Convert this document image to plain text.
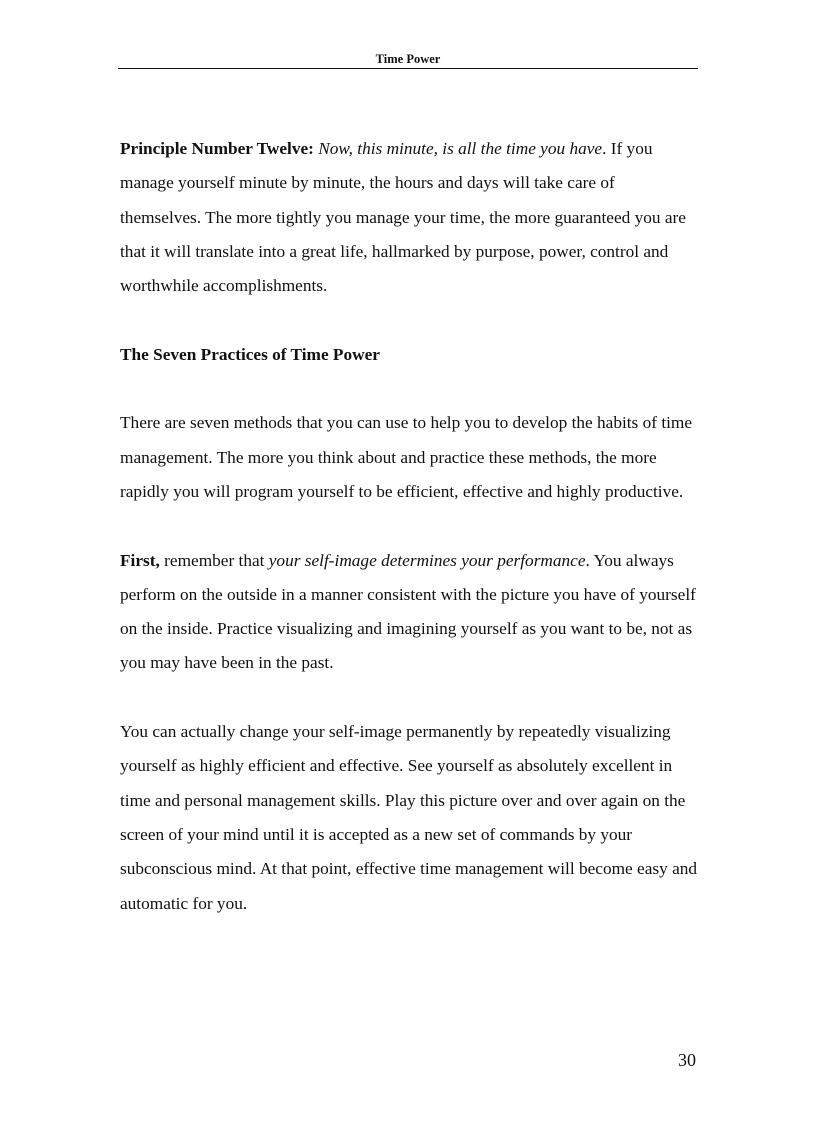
Time Power

Principle Number Twelve: Now, this minute, is all the time you have. If you manage yourself minute by minute, the hours and days will take care of themselves. The more tightly you manage your time, the more guaranteed you are that it will translate into a great life, hallmarked by purpose, power, control and worthwhile accomplishments.

The Seven Practices of Time Power

There are seven methods that you can use to help you to develop the habits of time management. The more you think about and practice these methods, the more rapidly you will program yourself to be efficient, effective and highly productive.

First, remember that your self-image determines your performance. You always perform on the outside in a manner consistent with the picture you have of yourself on the inside. Practice visualizing and imagining yourself as you want to be, not as you may have been in the past.

You can actually change your self-image permanently by repeatedly visualizing yourself as highly efficient and effective. See yourself as absolutely excellent in time and personal management skills. Play this picture over and over again on the screen of your mind until it is accepted as a new set of commands by your subconscious mind. At that point, effective time management will become easy and automatic for you.

30
